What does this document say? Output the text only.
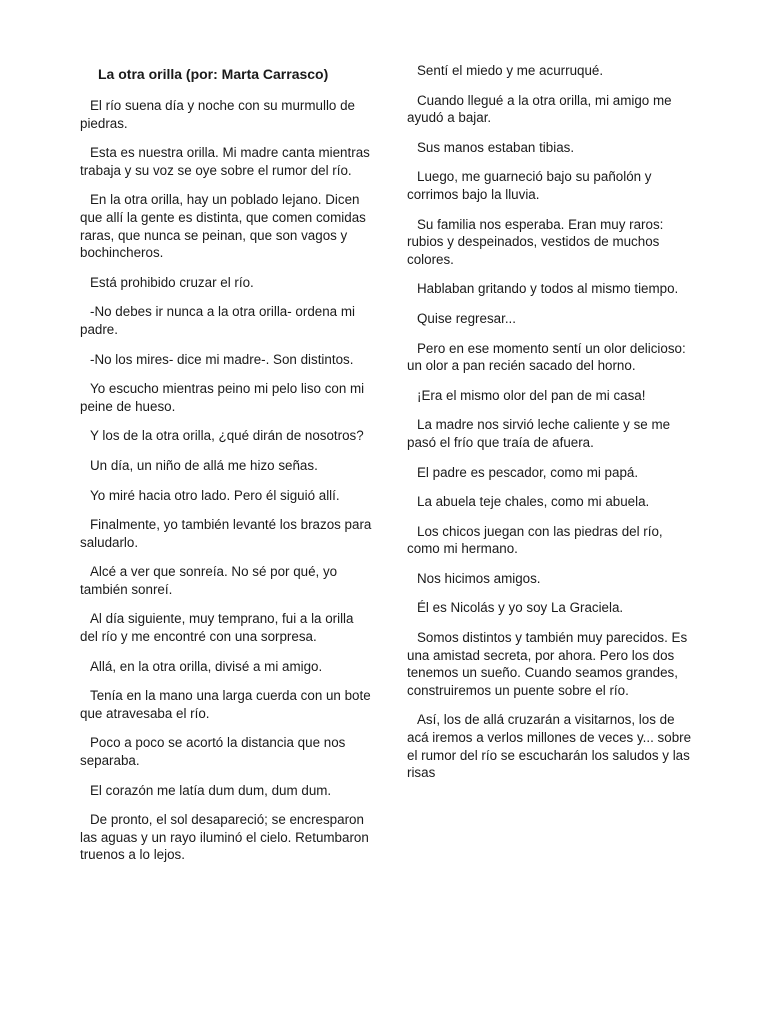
La otra orilla (por: Marta Carrasco)

El río suena día y noche con su murmullo de piedras.

Esta es nuestra orilla. Mi madre canta mientras trabaja y su voz se oye sobre el rumor del río.

En la otra orilla, hay un poblado lejano. Dicen que allí la gente es distinta, que comen comidas raras, que nunca se peinan, que son vagos y bochincheros.

Está prohibido cruzar el río.

-No debes ir nunca a la otra orilla- ordena mi padre.

-No los mires- dice mi madre-. Son distintos.

Yo escucho mientras peino mi pelo liso con mi peine de hueso.

Y los de la otra orilla, ¿qué dirán de nosotros?

Un día, un niño de allá me hizo señas.

Yo miré hacia otro lado. Pero él siguió allí.

Finalmente, yo también levanté los brazos para saludarlo.

Alcé a ver que sonreía. No sé por qué, yo también sonreí.

Al día siguiente, muy temprano, fui a la orilla del río y me encontré con una sorpresa.

Allá, en la otra orilla, divisé a mi amigo.

Tenía en la mano una larga cuerda con un bote que atravesaba el río.

Poco a poco se acortó la distancia que nos separaba.

El corazón me latía dum dum, dum dum.

De pronto, el sol desapareció; se encresparon las aguas y un rayo iluminó el cielo. Retumbaron truenos a lo lejos.

Sentí el miedo y me acurruqué.

Cuando llegué a la otra orilla, mi amigo me ayudó a bajar.

Sus manos estaban tibias.

Luego, me guarneció bajo su pañolón y corrimos bajo la lluvia.

Su familia nos esperaba. Eran muy raros: rubios y despeinados, vestidos de muchos colores.

Hablaban gritando y todos al mismo tiempo.

Quise regresar...

Pero en ese momento sentí un olor delicioso: un olor a pan recién sacado del horno.

¡Era el mismo olor del pan de mi casa!

La madre nos sirvió leche caliente y se me pasó el frío que traía de afuera.

El padre es pescador, como mi papá.

La abuela teje chales, como mi abuela.

Los chicos juegan con las piedras del río, como mi hermano.

Nos hicimos amigos.

Él es Nicolás y yo soy La Graciela.

Somos distintos y también muy parecidos. Es una amistad secreta, por ahora. Pero los dos tenemos un sueño. Cuando seamos grandes, construiremos un puente sobre el río.

Así, los de allá cruzarán a visitarnos, los de acá iremos a verlos millones de veces y... sobre el rumor del río se escucharán los saludos y las risas
